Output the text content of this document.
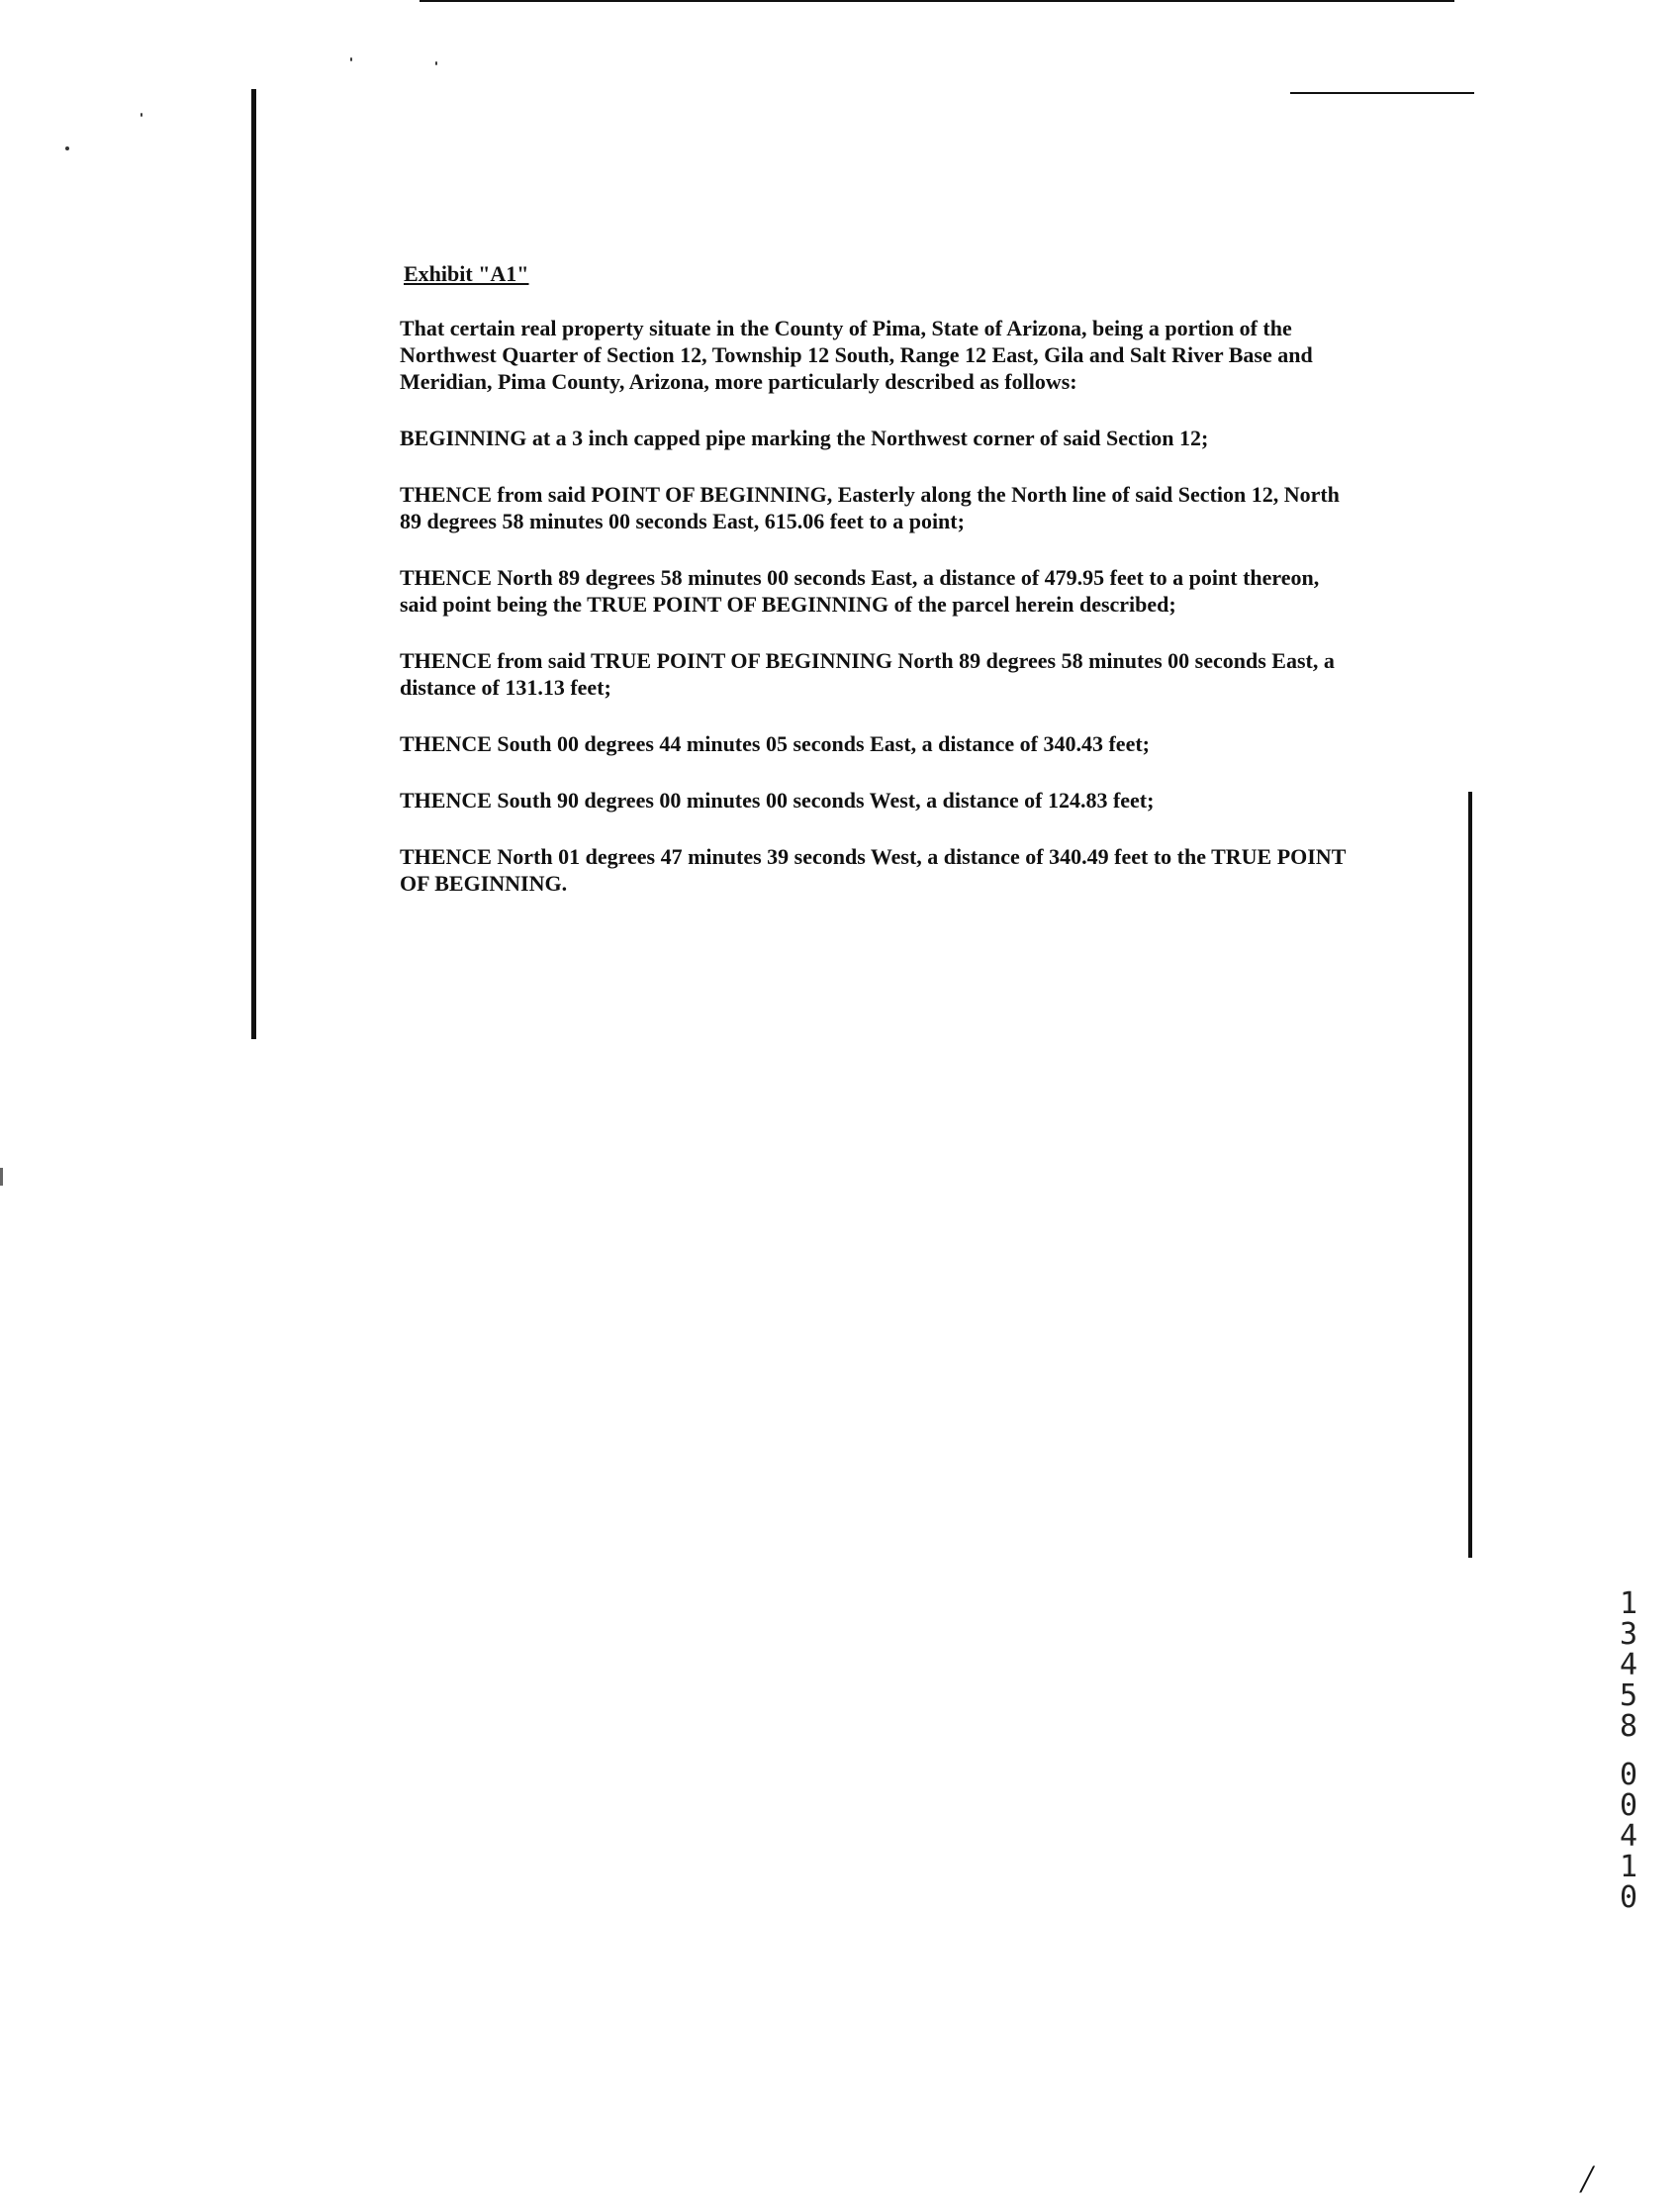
Exhibit "A1"

That certain real property situate in the County of Pima, State of Arizona, being a portion of the Northwest Quarter of Section 12, Township 12 South, Range 12 East, Gila and Salt River Base and Meridian, Pima County, Arizona, more particularly described as follows:

BEGINNING at a 3 inch capped pipe marking the Northwest corner of said Section 12;

THENCE from said POINT OF BEGINNING, Easterly along the North line of said Section 12, North 89 degrees 58 minutes 00 seconds East, 615.06 feet to a point;

THENCE North 89 degrees 58 minutes 00 seconds East, a distance of 479.95 feet to a point thereon, said point being the TRUE POINT OF BEGINNING of the parcel herein described;

THENCE from said TRUE POINT OF BEGINNING North 89 degrees 58 minutes 00 seconds East, a distance of 131.13 feet;

THENCE South 00 degrees 44 minutes 05 seconds East, a distance of 340.43 feet;

THENCE South 90 degrees 00 minutes 00 seconds West, a distance of 124.83 feet;

THENCE North 01 degrees 47 minutes 39 seconds West, a distance of 340.49 feet to the TRUE POINT OF BEGINNING.

1
3
4
5
8
0
0
4
1
0
/
